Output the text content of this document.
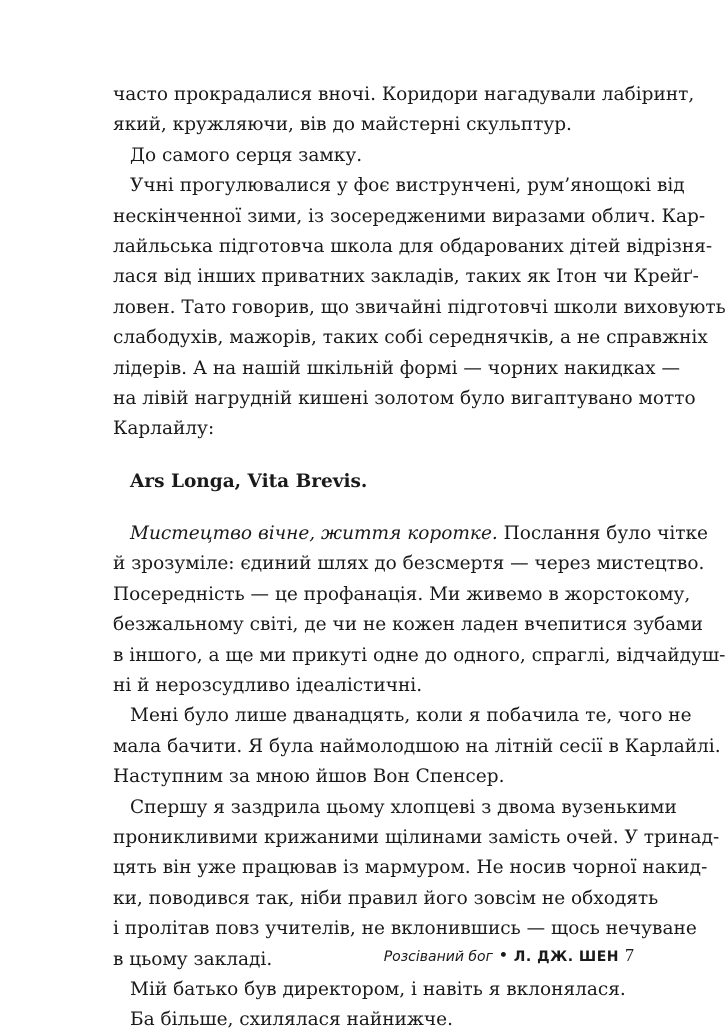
часто прокрадалися вночі. Коридори нагадували лабіринт,
який, кружляючи, вів до майстерні скульптур.
До самого серця замку.
Учні прогулювалися у фоє виструнчені, рум’янощокі від
нескінченної зими, із зосередженими виразами облич. Кар-
лайльська підготовча школа для обдарованих дітей відрізня-
лася від інших приватних закладів, таких як Ітон чи Крейґ-
ловен. Тато говорив, що звичайні підготовчі школи виховують
слабодухів, мажорів, таких собі середнячків, а не справжніх
лідерів. А на нашій шкільній формі — чорних накидках —
на лівій нагрудній кишені золотом було вигаптувано мотто
Карлайлу:
Ars Longa, Vita Brevis.
Мистецтво вічне, життя коротке. Послання було чітке
й зрозуміле: єдиний шлях до безсмертя — через мистецтво.
Посередність — це профанація. Ми живемо в жорстокому,
безжальному світі, де чи не кожен ладен вчепитися зубами
в іншого, а ще ми прикуті одне до одного, спраглі, відчайдуш-
ні й нерозсудливо ідеалістичні.
Мені було лише дванадцять, коли я побачила те, чого не
мала бачити. Я була наймолодшою на літній сесії в Карлайлі.
Наступним за мною йшов Вон Спенсер.
Спершу я заздрила цьому хлопцеві з двома вузенькими
проникливими крижаними щілинами замість очей. У тринад-
цять він уже працював із мармуром. Не носив чорної накид-
ки, поводився так, ніби правил його зовсім не обходять
і пролітав повз учителів, не вклонившись — щось нечуване
в цьому закладі.
Мій батько був директором, і навіть я вклонялася.
Ба більше, схилялася найнижче.
Розсіваний бог • Л. ДЖ. ШЕН 7
